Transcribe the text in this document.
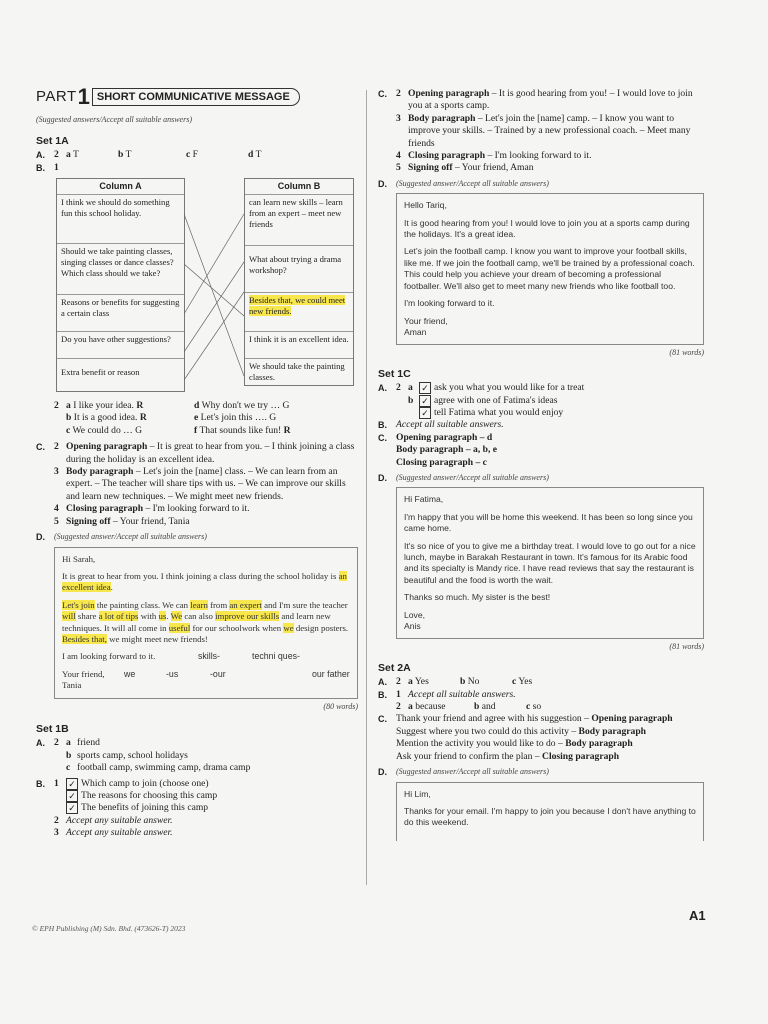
PART 1 SHORT COMMUNICATIVE MESSAGE
(Suggested answers/Accept all suitable answers)
Set 1A
A. 2 a T	b T	c F	d T
B. 1
Column A
I think we should do something fun this school holiday.
Should we take painting classes, singing classes or dance classes? Which class should we take?
Reasons or benefits for suggesting a certain class
Do you have other suggestions?
Extra benefit or reason
Column B
can learn new skills – learn from an expert – meet new friends
What about trying a drama workshop?
Besides that, we could meet new friends.
I think it is an excellent idea.
We should take the painting classes.
2 a I like your idea. R	d Why don't we try … G
b It is a good idea. R	e Let's join this …. G
c We could do … G	f That sounds like fun! R
C. 2 Opening paragraph – It is great to hear from you. – I think joining a class during the holiday is an excellent idea.
3 Body paragraph – Let's join the [name] class. – We can learn from an expert. – The teacher will share tips with us. – We can improve our skills and learn new techniques. – We might meet new friends.
4 Closing paragraph – I'm looking forward to it.
5 Signing off – Your friend, Tania
D.	(Suggested answer/Accept all suitable answers)

Hi Sarah,

It is great to hear from you. I think joining a class during the school holiday is an excellent idea.

Let's join the painting class. We can learn from an expert and I'm sure the teacher will share a lot of tips with us. We can also improve our skills and learn new techniques. It will all come in useful for our schoolwork when we design posters. Besides that, we might meet new friends!

I am looking forward to it.	skills-	techni ques-

Your friend,	we	-us	-our	our father
Tania
(80 words)
Set 1B
A. 2 a friend
b sports camp, school holidays
c football camp, swimming camp, drama camp
B. 1	✓ Which camp to join (choose one)
✓ The reasons for choosing this camp
✓ The benefits of joining this camp
2 Accept any suitable answer.
3 Accept any suitable answer.
C. 2 Opening paragraph – It is good hearing from you! – I would love to join you at a sports camp.
3 Body paragraph – Let's join the [name] camp. – I know you want to improve your skills. – Trained by a new professional coach. – Meet many friends
4 Closing paragraph – I'm looking forward to it.
5 Signing off – Your friend, Aman
D.	(Suggested answer/Accept all suitable answers)

Hello Tariq,

It is good hearing from you! I would love to join you at a sports camp during the holidays. It's a great idea.

Let's join the football camp. I know you want to improve your football skills, like me. If we join the football camp, we'll be trained by a professional coach. This could help you achieve your dream of becoming a professional footballer. We'll also get to meet many new friends who like football too.

I'm looking forward to it.

Your friend,
Aman
(81 words)
Set 1C
A. 2 a ✓ ask you what you would like for a treat
b ✓ agree with one of Fatima's ideas
✓ tell Fatima what you would enjoy
B. Accept all suitable answers.
C. Opening paragraph – d
Body paragraph – a, b, e
Closing paragraph – c
D.	(Suggested answer/Accept all suitable answers)

Hi Fatima,

I'm happy that you will be home this weekend. It has been so long since you came home.

It's so nice of you to give me a birthday treat. I would love to go out for a nice lunch, maybe in Barakah Restaurant in town. It's famous for its Arabic food and its specialty is Mandy rice. I have read reviews that say the restaurant is beautiful and the food is worth the wait.

Thanks so much. My sister is the best!

Love,
Anis
(81 words)
Set 2A
A. 2 a Yes	b No	c Yes
B. 1 Accept all suitable answers.
2 a because	b and	c so
C. Thank your friend and agree with his suggestion – Opening paragraph
Suggest where you two could do this activity – Body paragraph
Mention the activity you would like to do – Body paragraph
Ask your friend to confirm the plan – Closing paragraph
D.	(Suggested answer/Accept all suitable answers)

Hi Lim,

Thanks for your email. I'm happy to join you because I don't have anything to do this weekend.

© EPH Publishing (M) Sdn. Bhd. (473626-T) 2023
A1
